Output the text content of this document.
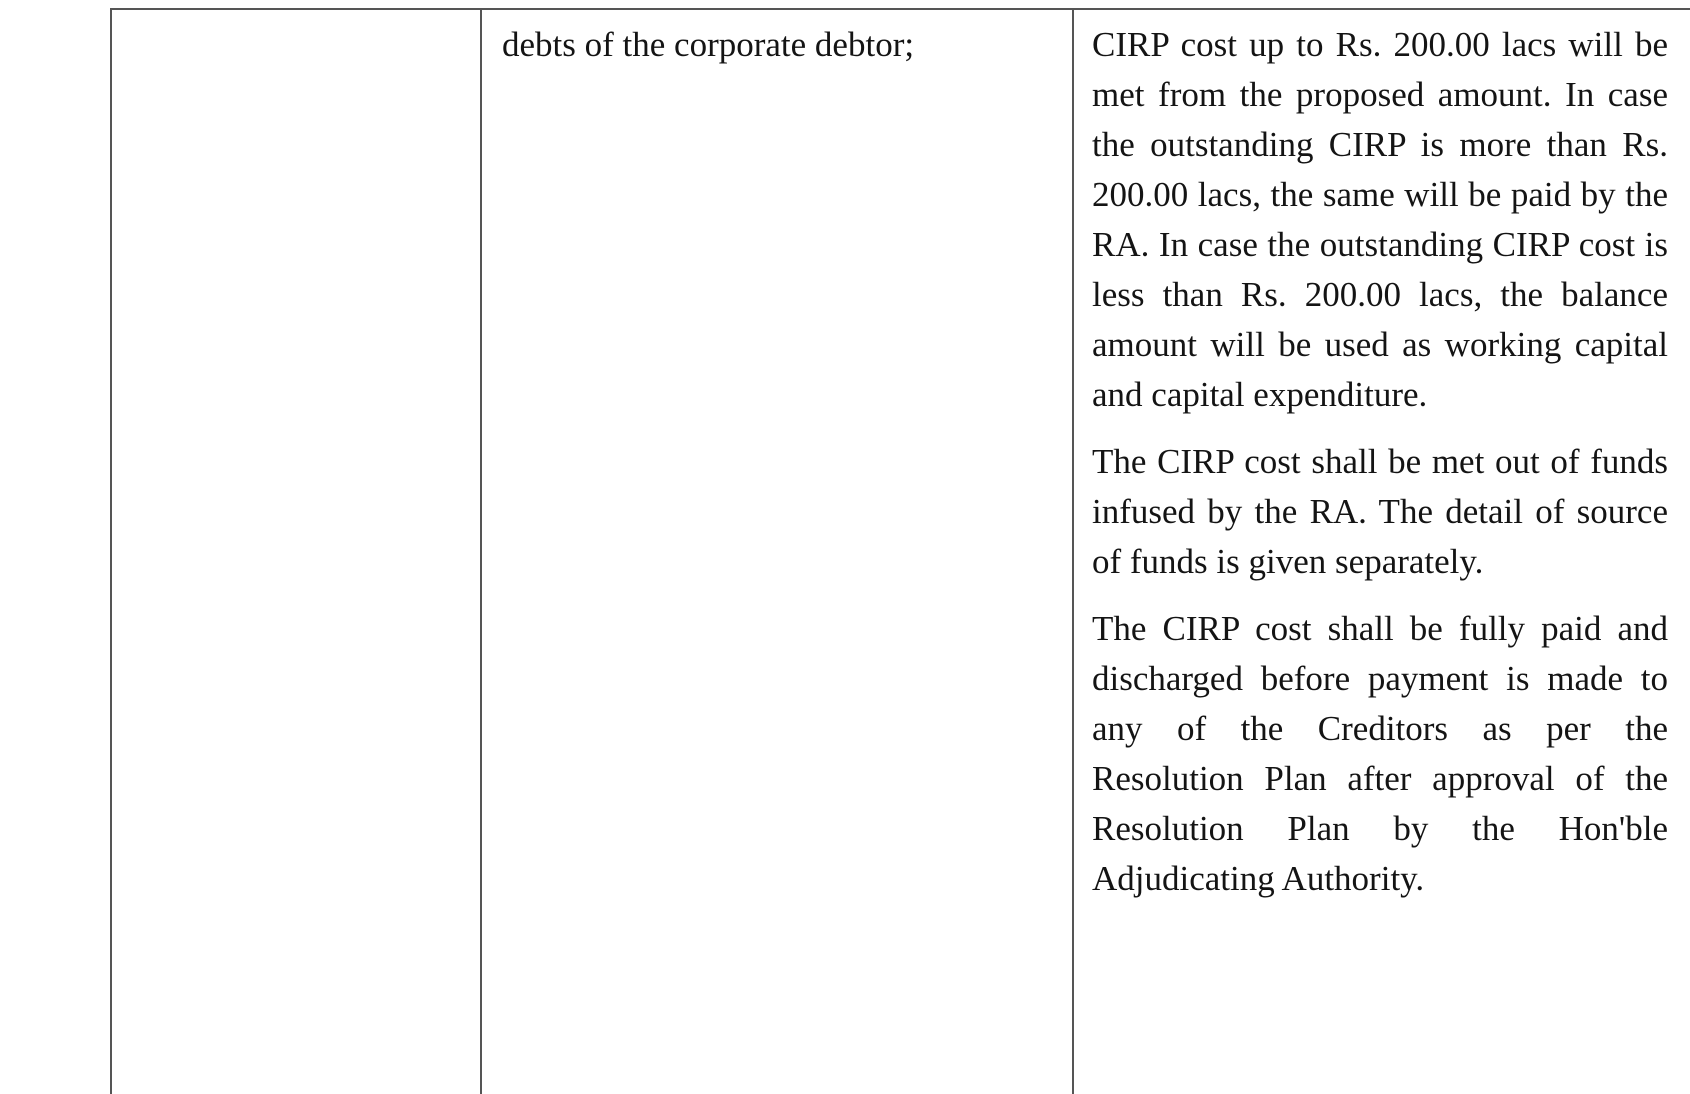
debts of the corporate debtor;	CIRP cost up to Rs. 200.00 lacs will be met from the proposed amount. In case the outstanding CIRP is more than Rs. 200.00 lacs, the same will be paid by the RA. In case the outstanding CIRP cost is less than Rs. 200.00 lacs, the balance amount will be used as working capital and capital expenditure.

The CIRP cost shall be met out of funds infused by the RA. The detail of source of funds is given separately.

The CIRP cost shall be fully paid and discharged before payment is made to any of the Creditors as per the Resolution Plan after approval of the Resolution Plan by the Hon'ble Adjudicating Authority.
